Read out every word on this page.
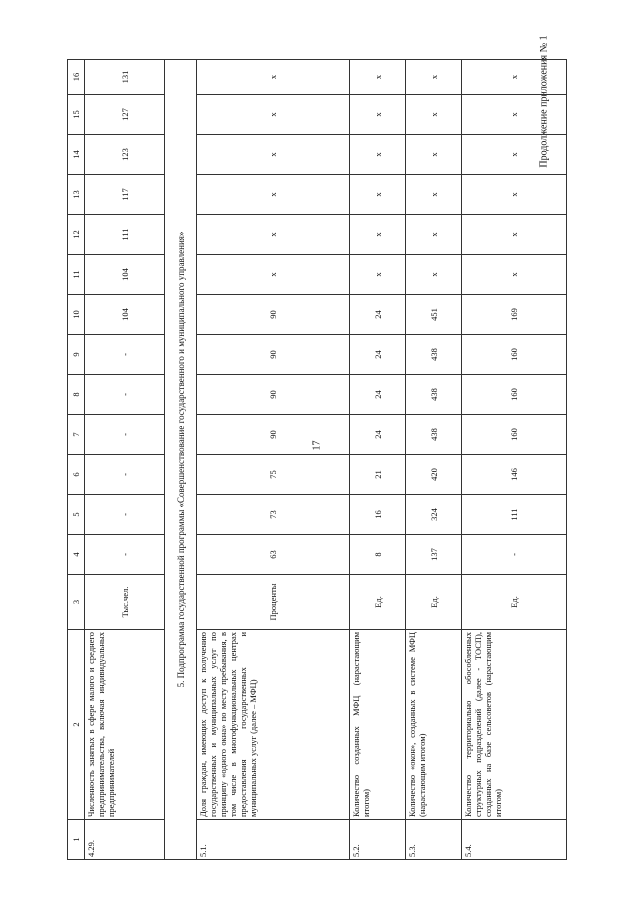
17
Продолжение приложения № 1
1	2	3	4	5	6	7	8	9	10	11	12	13	14	15	16
4.29.	Численность занятых в сфере малого и среднего предпринимательства, включая индивидуальных предпринимателей	Тыс.чел.	-	-	-	-	-	-	104	104	111	117	123	127	131
5. Подпрограмма государственной программы «Совершенствование государственного и муниципального управления»															
5.1.	Доля граждан, имеющих доступ к получению государственных и муниципальных услуг по принципу «одного окна» по месту пребывания, в том числе в многофункциональных центрах предоставления государственных и муниципальных услуг (далее – МФЦ)	Проценты	63	73	75	90	90	90	90	x	x	x	x	x	x
5.2.	Количество созданных МФЦ (нарастающим итогом)	Ед.	8	16	21	24	24	24	24	x	x	x	x	x	x
5.3.	Количество «окон», созданных в системе МФЦ (нарастающим итогом)	Ед.	137	324	420	438	438	438	451	x	x	x	x	x	x
5.4.	Количество территориально обособленных структурных подразделений (далее - ТОСП), созданных на базе сельсоветов (нарастающим итогом)	Ед.	-	111	146	160	160	160	169	x	x	x	x	x	x
